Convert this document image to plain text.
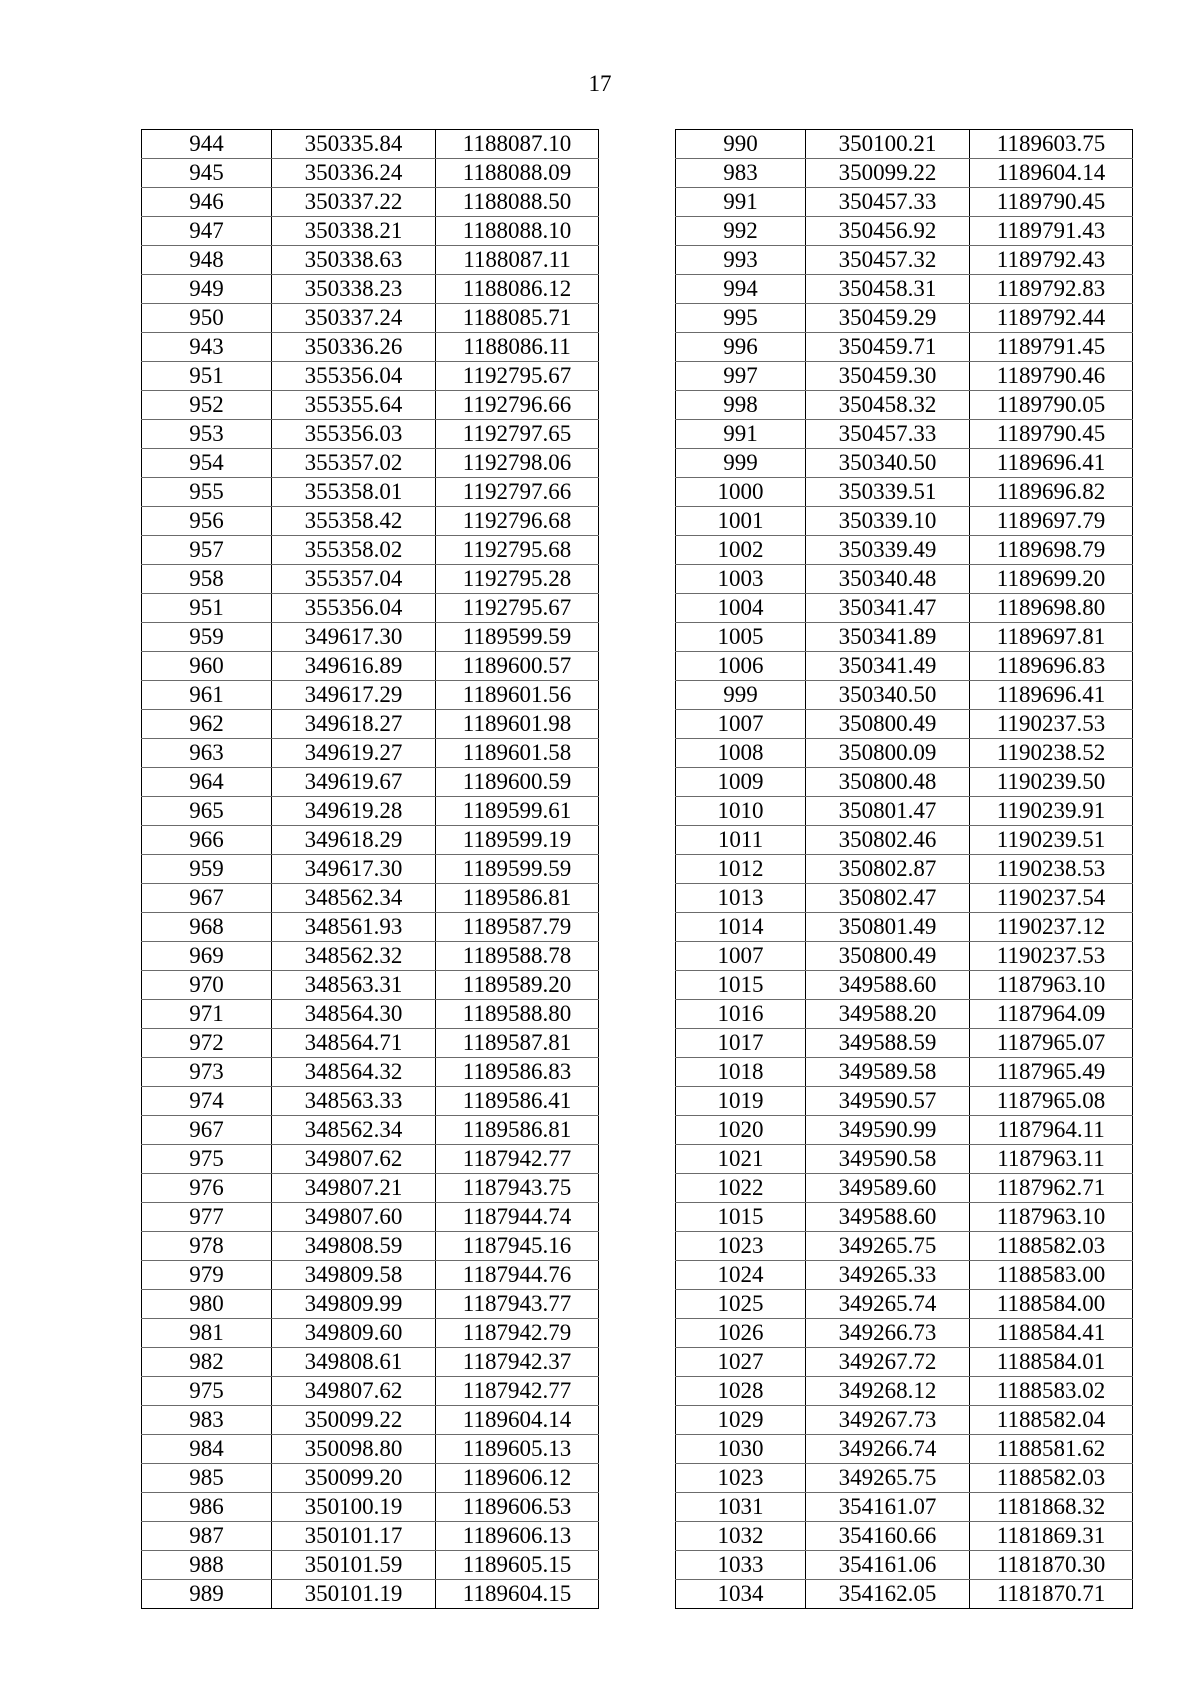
17
944	350335.84	1188087.10
945	350336.24	1188088.09
946	350337.22	1188088.50
947	350338.21	1188088.10
948	350338.63	1188087.11
949	350338.23	1188086.12
950	350337.24	1188085.71
943	350336.26	1188086.11
951	355356.04	1192795.67
952	355355.64	1192796.66
953	355356.03	1192797.65
954	355357.02	1192798.06
955	355358.01	1192797.66
956	355358.42	1192796.68
957	355358.02	1192795.68
958	355357.04	1192795.28
951	355356.04	1192795.67
959	349617.30	1189599.59
960	349616.89	1189600.57
961	349617.29	1189601.56
962	349618.27	1189601.98
963	349619.27	1189601.58
964	349619.67	1189600.59
965	349619.28	1189599.61
966	349618.29	1189599.19
959	349617.30	1189599.59
967	348562.34	1189586.81
968	348561.93	1189587.79
969	348562.32	1189588.78
970	348563.31	1189589.20
971	348564.30	1189588.80
972	348564.71	1189587.81
973	348564.32	1189586.83
974	348563.33	1189586.41
967	348562.34	1189586.81
975	349807.62	1187942.77
976	349807.21	1187943.75
977	349807.60	1187944.74
978	349808.59	1187945.16
979	349809.58	1187944.76
980	349809.99	1187943.77
981	349809.60	1187942.79
982	349808.61	1187942.37
975	349807.62	1187942.77
983	350099.22	1189604.14
984	350098.80	1189605.13
985	350099.20	1189606.12
986	350100.19	1189606.53
987	350101.17	1189606.13
988	350101.59	1189605.15
989	350101.19	1189604.15
990	350100.21	1189603.75
983	350099.22	1189604.14
991	350457.33	1189790.45
992	350456.92	1189791.43
993	350457.32	1189792.43
994	350458.31	1189792.83
995	350459.29	1189792.44
996	350459.71	1189791.45
997	350459.30	1189790.46
998	350458.32	1189790.05
991	350457.33	1189790.45
999	350340.50	1189696.41
1000	350339.51	1189696.82
1001	350339.10	1189697.79
1002	350339.49	1189698.79
1003	350340.48	1189699.20
1004	350341.47	1189698.80
1005	350341.89	1189697.81
1006	350341.49	1189696.83
999	350340.50	1189696.41
1007	350800.49	1190237.53
1008	350800.09	1190238.52
1009	350800.48	1190239.50
1010	350801.47	1190239.91
1011	350802.46	1190239.51
1012	350802.87	1190238.53
1013	350802.47	1190237.54
1014	350801.49	1190237.12
1007	350800.49	1190237.53
1015	349588.60	1187963.10
1016	349588.20	1187964.09
1017	349588.59	1187965.07
1018	349589.58	1187965.49
1019	349590.57	1187965.08
1020	349590.99	1187964.11
1021	349590.58	1187963.11
1022	349589.60	1187962.71
1015	349588.60	1187963.10
1023	349265.75	1188582.03
1024	349265.33	1188583.00
1025	349265.74	1188584.00
1026	349266.73	1188584.41
1027	349267.72	1188584.01
1028	349268.12	1188583.02
1029	349267.73	1188582.04
1030	349266.74	1188581.62
1023	349265.75	1188582.03
1031	354161.07	1181868.32
1032	354160.66	1181869.31
1033	354161.06	1181870.30
1034	354162.05	1181870.71
